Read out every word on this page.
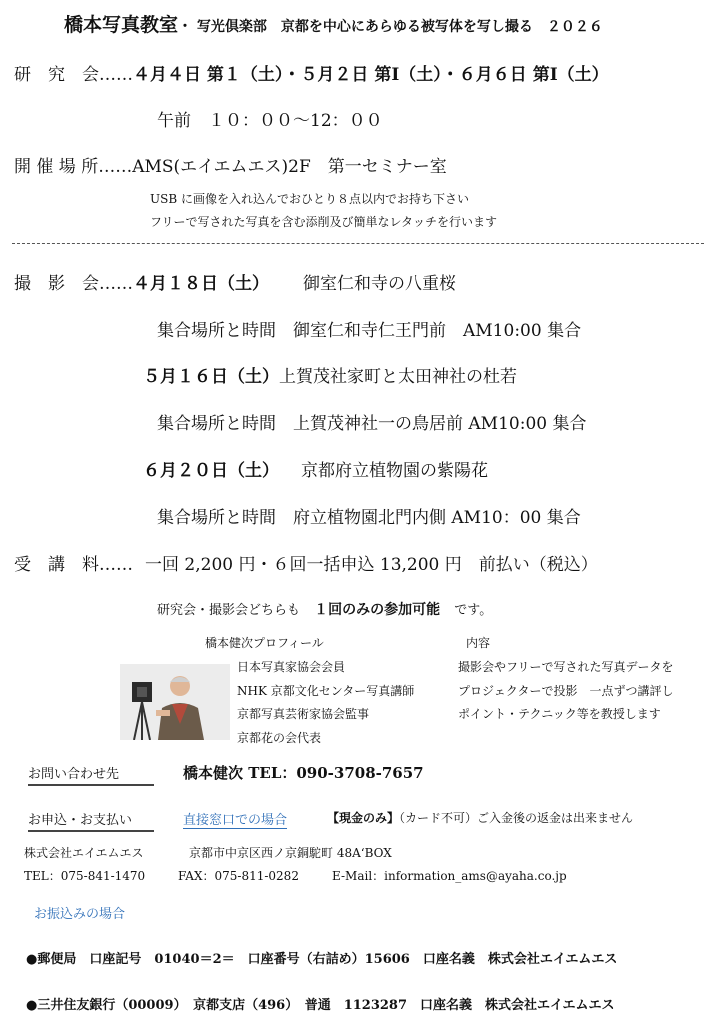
橋本写真教室・ 写光倶楽部　京都を中心にあらゆる被写体を写し撮る　２０２６
研　究　会……４月４日 第１（土）・５月２日 第Ⅰ（土）・６月６日 第Ⅰ（土）
午前　１０：００～12：００
開 催 場 所……AMS(エイエムエス)2F　第一セミナー室
USB に画像を入れ込んでおひとり８点以内でお持ち下さい
フリーで写された写真を含む添削及び簡単なレタッチを行います
撮　影　会……４月１８日（土） 御室仁和寺の八重桜
集合場所と時間　御室仁和寺仁王門前　AM10:00 集合
５月１６日（土）上賀茂社家町と太田神社の杜若
集合場所と時間　上賀茂神社一の鳥居前 AM10:00 集合
６月２０日（土） 京都府立植物園の紫陽花
集合場所と時間　府立植物園北門内側 AM10：00 集合
受　講　料…… 一回 2,200 円・６回一括申込 13,200 円　前払い（税込）
研究会・撮影会どちらも １回のみの参加可能 です。
橋本健次プロフィール
日本写真家協会会員
NHK 京都文化センター写真講師
京都写真芸術家協会監事
京都花の会代表
内容
撮影会やフリーで写された写真データを
プロジェクターで投影　一点ずつ講評し
ポイント・テクニック等を教授します
お問い合わせ先	橋本健次 TEL：090-3708-7657
お申込・お支払い	直接窓口での場合	【現金のみ】（カード不可）ご入金後の返金は出来ません
株式会社エイエムエス	京都市中京区西ノ京銅駝町 48A‘BOX
TEL：075-841-1470	FAX：075-811-0282	E-Mail：information_ams@ayaha.co.jp
お振込みの場合
●郵便局　口座記号　01040＝2＝　口座番号（右詰め）15606　口座名義　株式会社エイエムエス
●三井住友銀行（00009）　京都支店（496）　普通　1123287　口座名義　株式会社エイエムエス
